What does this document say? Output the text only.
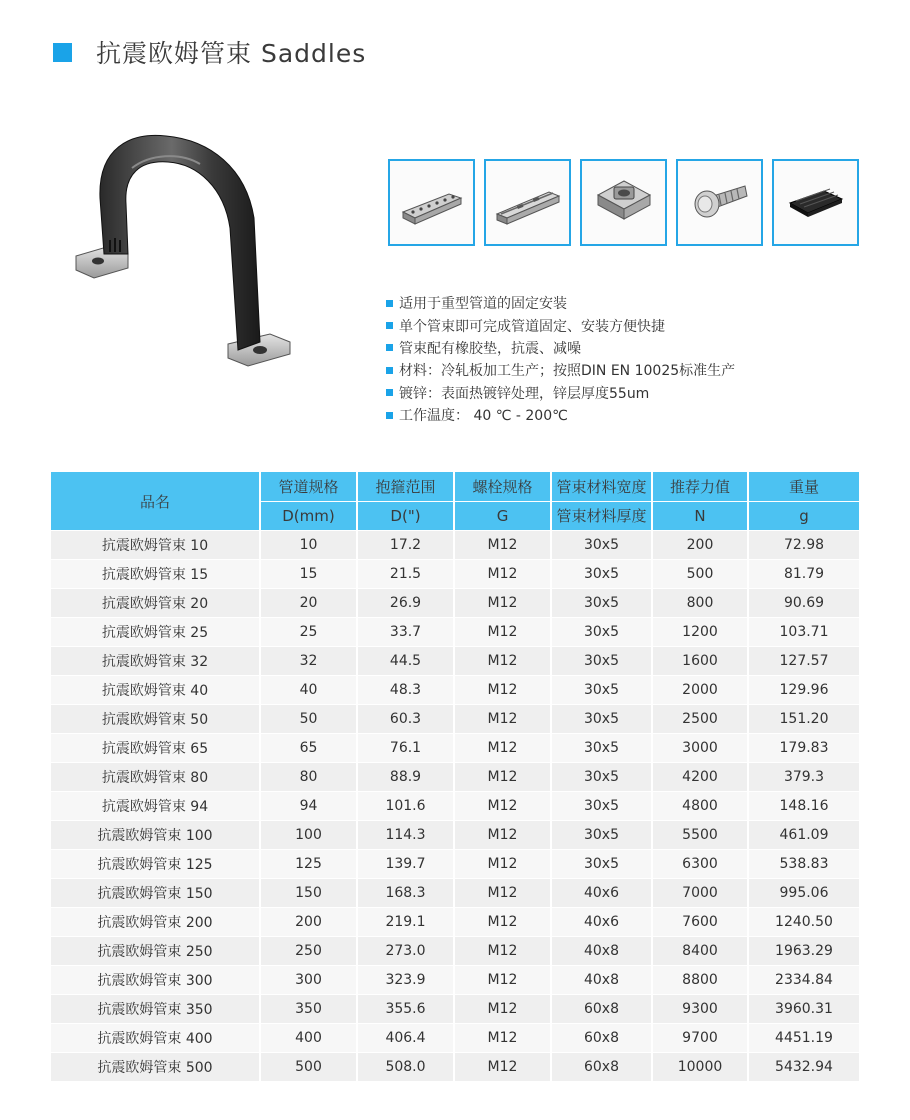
抗震欧姆管束 Saddles
适用于重型管道的固定安装
单个管束即可完成管道固定、安装方便快捷
管束配有橡胶垫，抗震、减噪
材料：冷轧板加工生产；按照DIN EN 10025标准生产
镀锌：表面热镀锌处理，锌层厚度55um
工作温度： 40 ℃ - 200℃
品名	管道规格	抱箍范围	螺栓规格	管束材料宽度	推荐力值	重量
	D(mm)	D(")	G	管束材料厚度	N	g
抗震欧姆管束 10	10	17.2	M12	30x5	200	72.98
抗震欧姆管束 15	15	21.5	M12	30x5	500	81.79
抗震欧姆管束 20	20	26.9	M12	30x5	800	90.69
抗震欧姆管束 25	25	33.7	M12	30x5	1200	103.71
抗震欧姆管束 32	32	44.5	M12	30x5	1600	127.57
抗震欧姆管束 40	40	48.3	M12	30x5	2000	129.96
抗震欧姆管束 50	50	60.3	M12	30x5	2500	151.20
抗震欧姆管束 65	65	76.1	M12	30x5	3000	179.83
抗震欧姆管束 80	80	88.9	M12	30x5	4200	379.3
抗震欧姆管束 94	94	101.6	M12	30x5	4800	148.16
抗震欧姆管束 100	100	114.3	M12	30x5	5500	461.09
抗震欧姆管束 125	125	139.7	M12	30x5	6300	538.83
抗震欧姆管束 150	150	168.3	M12	40x6	7000	995.06
抗震欧姆管束 200	200	219.1	M12	40x6	7600	1240.50
抗震欧姆管束 250	250	273.0	M12	40x8	8400	1963.29
抗震欧姆管束 300	300	323.9	M12	40x8	8800	2334.84
抗震欧姆管束 350	350	355.6	M12	60x8	9300	3960.31
抗震欧姆管束 400	400	406.4	M12	60x8	9700	4451.19
抗震欧姆管束 500	500	508.0	M12	60x8	10000	5432.94
